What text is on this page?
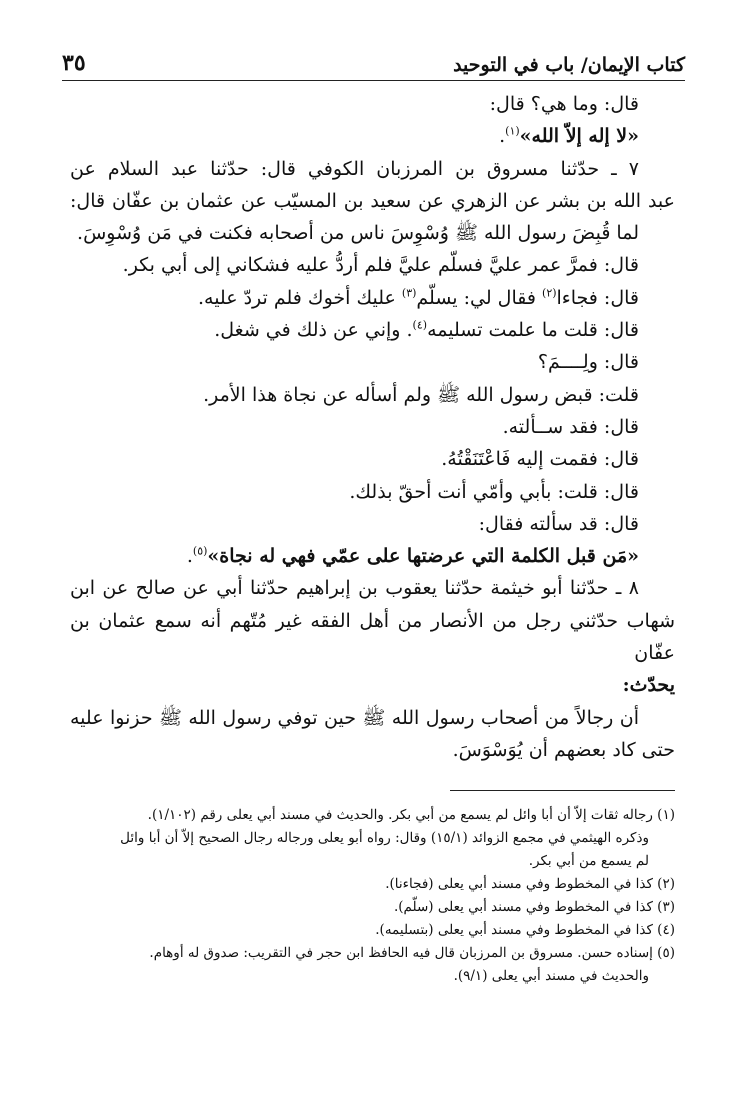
كتاب الإيمان/ باب في التوحيد
٣٥

قال: وما هي؟ قال:

«لا إله إلاّ الله»$^{(١)}$.

٧ ـ حدّثنا مسروق بن المرزبان الكوفي قال: حدّثنا عبد السلام عن

عبد الله بن بشر عن الزهري عن سعيد بن المسيّب عن عثمان بن عفّان قال:

لما قُبِضَ رسول الله ﷺ وُسْوِسَ ناس من أصحابه فكنت في مَن وُسْوِسَ.

قال: فمرَّ عمر عليَّ فسلّم عليَّ فلم أردُّ عليه فشكاني إلى أبي بكر.

قال: فجاءا$^{(٢)}$ فقال لي: يسلّم$^{(٣)}$ عليك أخوك فلم تردّ عليه.

قال: قلت ما علمت تسليمه$^{(٤)}$. وإني عن ذلك في شغل.

قال: ولِــــمَ؟

قلت: قبض رسول الله ﷺ ولم أسأله عن نجاة هذا الأمر.

قال: فقد ســألته.

قال: فقمت إليه فَاعْتَنَقْتُهُ.

قال: قلت: بأبي وأمّي أنت أحقّ بذلك.

قال: قد سألته فقال:

«مَن قبل الكلمة التي عرضتها على عمّي فهي له نجاة»$^{(٥)}$.

٨ ـ حدّثنا أبو خيثمة حدّثنا يعقوب بن إبراهيم حدّثنا أبي عن صالح عن ابن

شهاب حدّثني رجل من الأنصار من أهل الفقه غير مُتّهم أنه سمع عثمان بن عفّان

يحدّث:

أن رجالاً من أصحاب رسول الله ﷺ حين توفي رسول الله ﷺ حزنوا عليه

حتى كاد بعضهم أن يُوَسْوَسَ.

(١) رجاله ثقات إلاّ أن أبا وائل لم يسمع من أبي بكر. والحديث في مسند أبي يعلى رقم (١/١٠٢).

وذكره الهيثمي في مجمع الزوائد (١٥/١) وقال: رواه أبو يعلى ورجاله رجال الصحيح إلاّ أن أبا وائل

لم يسمع من أبي بكر.

(٢) كذا في المخطوط وفي مسند أبي يعلى (فجاءنا).

(٣) كذا في المخطوط وفي مسند أبي يعلى (سلّم).

(٤) كذا في المخطوط وفي مسند أبي يعلى (بتسليمه).

(٥) إسناده حسن. مسروق بن المرزبان قال فيه الحافظ ابن حجر في التقريب: صدوق له أوهام.

والحديث في مسند أبي يعلى (٩/١).
